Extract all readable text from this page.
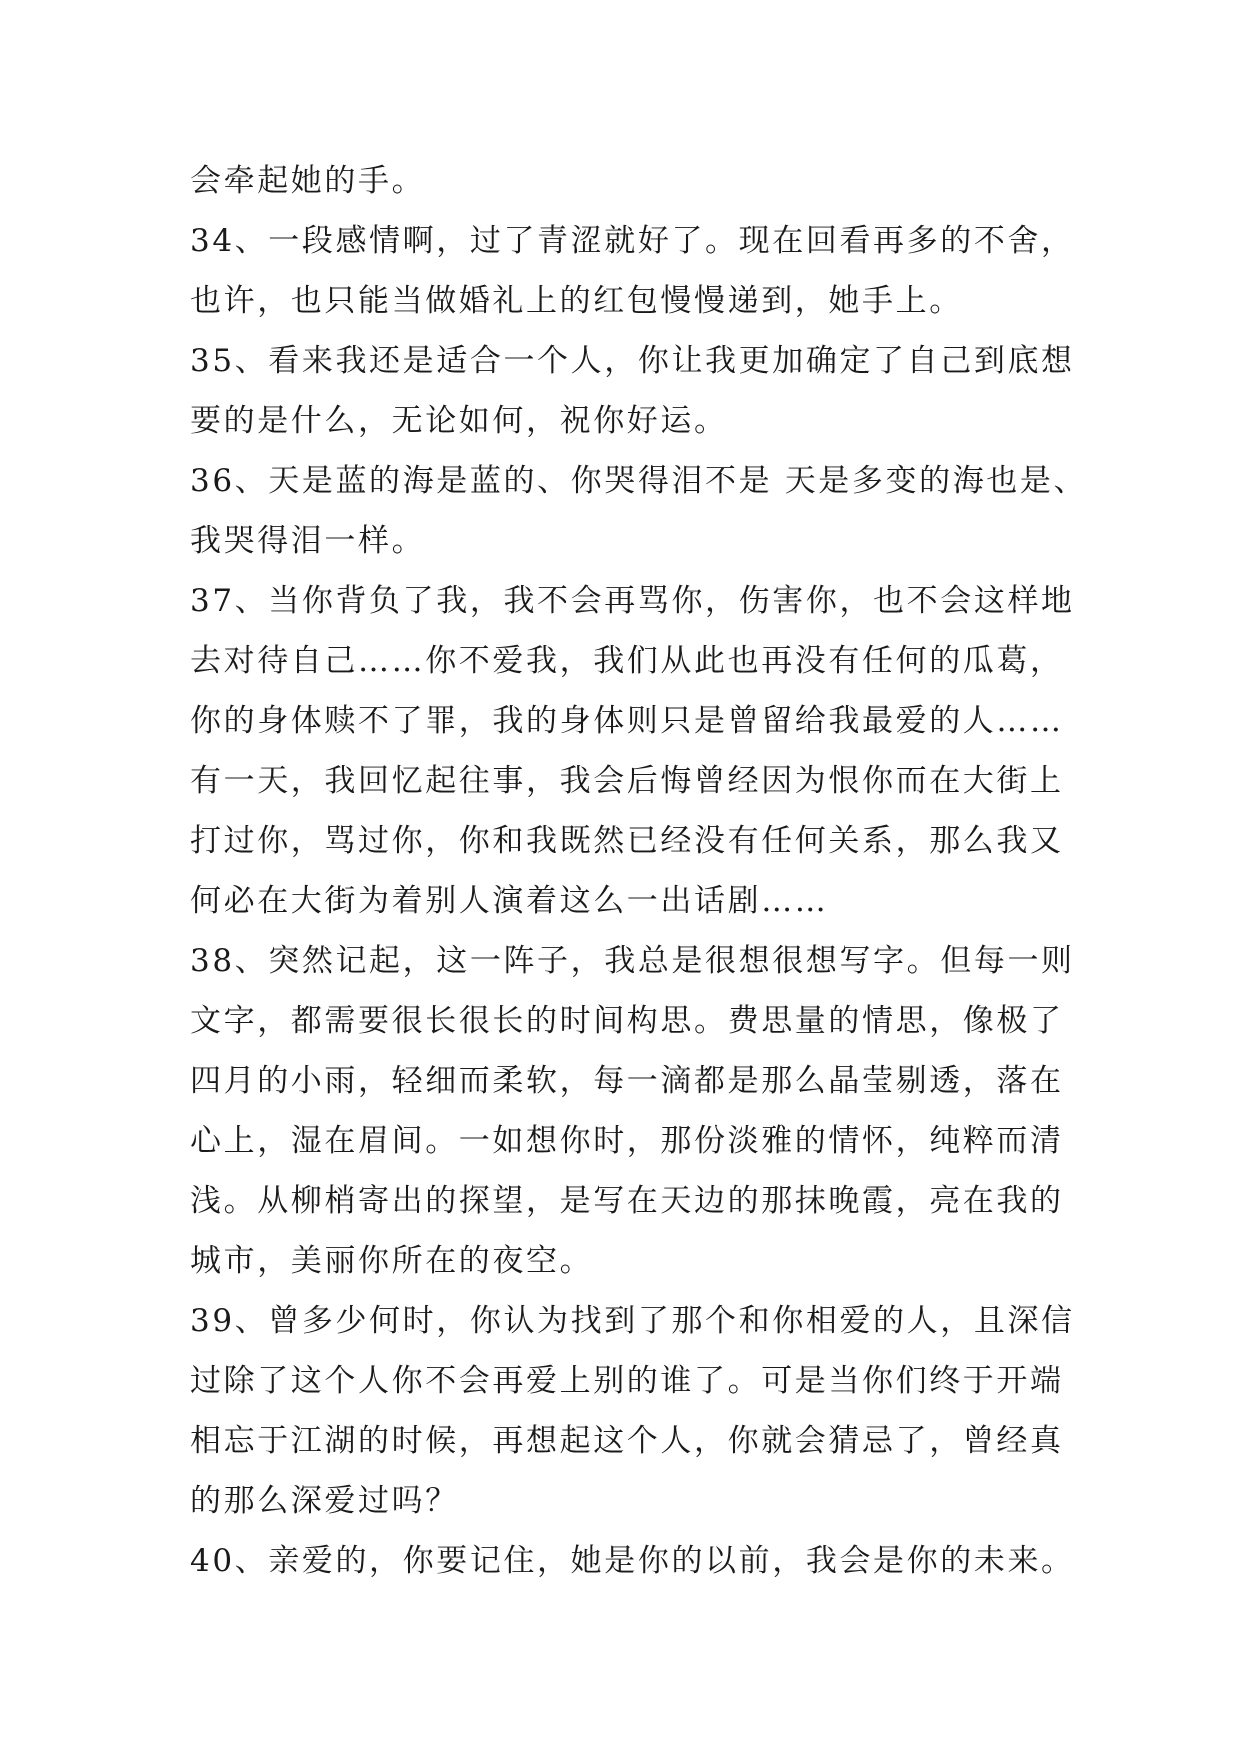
会牵起她的手。
34、一段感情啊，过了青涩就好了。现在回看再多的不舍，
也许，也只能当做婚礼上的红包慢慢递到，她手上。
35、看来我还是适合一个人，你让我更加确定了自己到底想
要的是什么，无论如何，祝你好运。
36、天是蓝的海是蓝的、你哭得泪不是 天是多变的海也是、
我哭得泪一样。
37、当你背负了我，我不会再骂你，伤害你，也不会这样地
去对待自己……你不爱我，我们从此也再没有任何的瓜葛，
你的身体赎不了罪，我的身体则只是曾留给我最爱的人……
有一天，我回忆起往事，我会后悔曾经因为恨你而在大街上
打过你，骂过你，你和我既然已经没有任何关系，那么我又
何必在大街为着别人演着这么一出话剧……
38、突然记起，这一阵子，我总是很想很想写字。但每一则
文字，都需要很长很长的时间构思。费思量的情思，像极了
四月的小雨，轻细而柔软，每一滴都是那么晶莹剔透，落在
心上，湿在眉间。一如想你时，那份淡雅的情怀，纯粹而清
浅。从柳梢寄出的探望，是写在天边的那抹晚霞，亮在我的
城市，美丽你所在的夜空。
39、曾多少何时，你认为找到了那个和你相爱的人，且深信
过除了这个人你不会再爱上别的谁了。可是当你们终于开端
相忘于江湖的时候，再想起这个人，你就会猜忌了，曾经真
的那么深爱过吗？
40、亲爱的，你要记住，她是你的以前，我会是你的未来。
